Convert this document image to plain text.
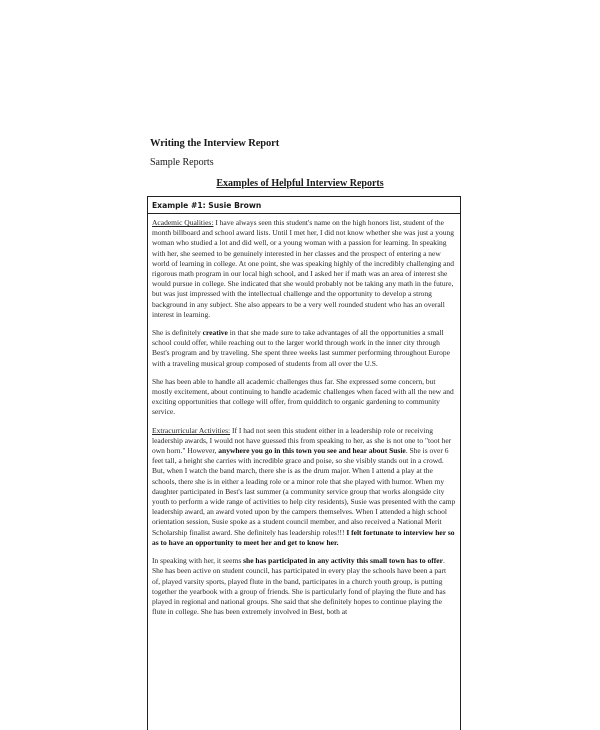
Writing the Interview Report
Sample Reports
Examples of Helpful Interview Reports
Example #1: Susie Brown

Academic Qualities: I have always seen this student's name on the high honors list, student of the month billboard and school award lists. Until I met her, I did not know whether she was just a young woman who studied a lot and did well, or a young woman with a passion for learning. In speaking with her, she seemed to be genuinely interested in her classes and the prospect of entering a new world of learning in college. At one point, she was speaking highly of the incredibly challenging and rigorous math program in our local high school, and I asked her if math was an area of interest she would pursue in college. She indicated that she would probably not be taking any math in the future, but was just impressed with the intellectual challenge and the opportunity to develop a strong background in any subject. She also appears to be a very well rounded student who has an overall interest in learning.

She is definitely creative in that she made sure to take advantages of all the opportunities a small school could offer, while reaching out to the larger world through work in the inner city through Best's program and by traveling. She spent three weeks last summer performing throughout Europe with a traveling musical group composed of students from all over the U.S.

She has been able to handle all academic challenges thus far. She expressed some concern, but mostly excitement, about continuing to handle academic challenges when faced with all the new and exciting opportunities that college will offer, from quidditch to organic gardening to community service.

Extracurricular Activities: If I had not seen this student either in a leadership role or receiving leadership awards, I would not have guessed this from speaking to her, as she is not one to "toot her own horn." However, anywhere you go in this town you see and hear about Susie. She is over 6 feet tall, a height she carries with incredible grace and poise, so she visibly stands out in a crowd. But, when I watch the band march, there she is as the drum major. When I attend a play at the schools, there she is in either a leading role or a minor role that she played with humor. When my daughter participated in Best's last summer (a community service group that works alongside city youth to perform a wide range of activities to help city residents), Susie was presented with the camp leadership award, an award voted upon by the campers themselves. When I attended a high school orientation session, Susie spoke as a student council member, and also received a National Merit Scholarship finalist award. She definitely has leadership roles!!! I felt fortunate to interview her so as to have an opportunity to meet her and get to know her.

In speaking with her, it seems she has participated in any activity this small town has to offer. She has been active on student council, has participated in every play the schools have been a part of, played varsity sports, played flute in the band, participates in a church youth group, is putting together the yearbook with a group of friends. She is particularly fond of playing the flute and has played in regional and national groups. She said that she definitely hopes to continue playing the flute in college. She has been extremely involved in Best, both at
